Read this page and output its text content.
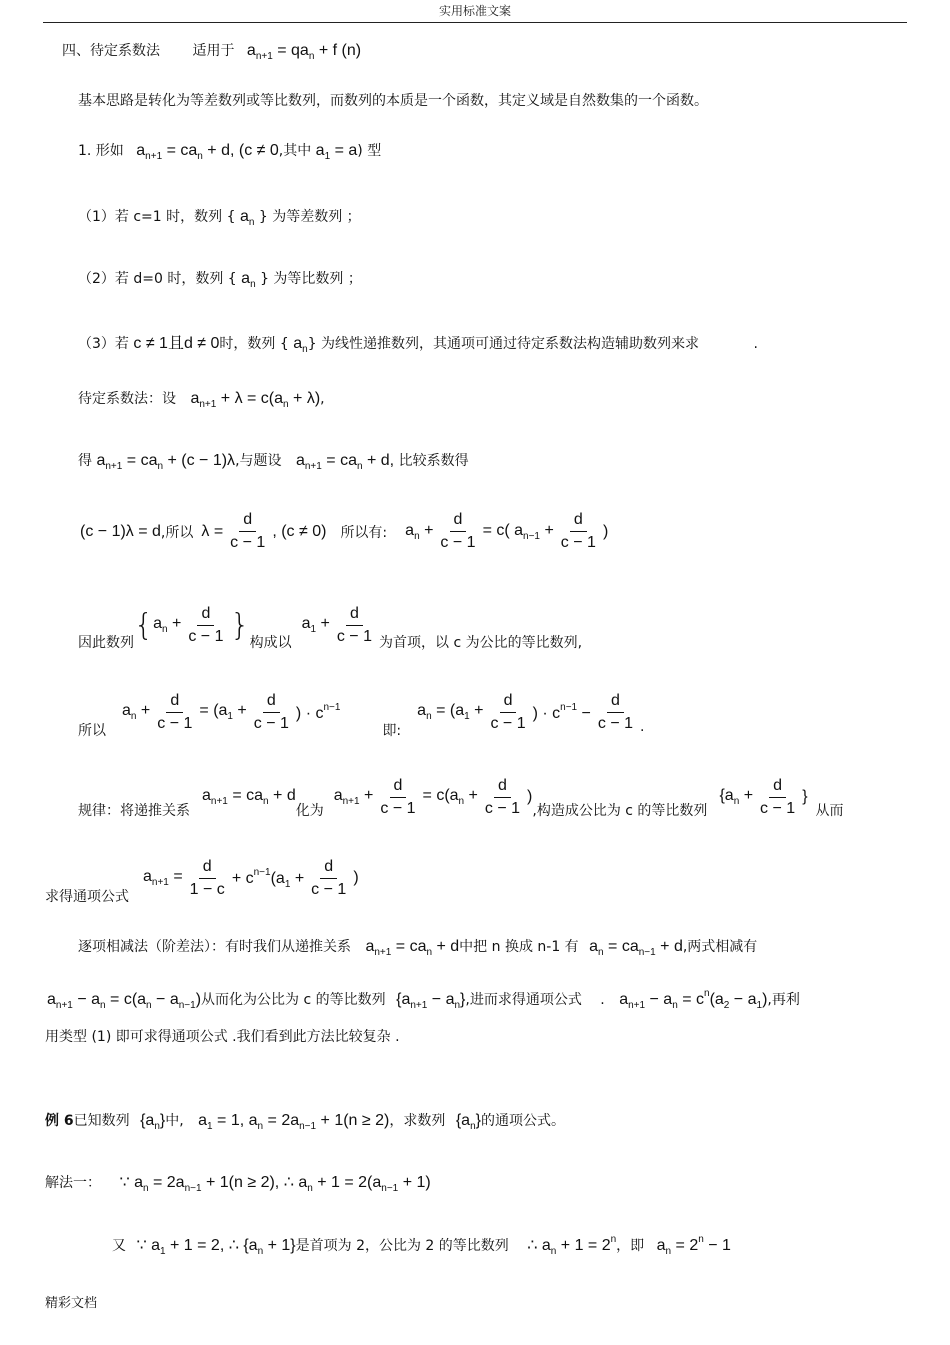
实用标准文案
四、待定系数法 适用于 $a_{n+1} = qa_n + f$ (n)
基本思路是转化为等差数列或等比数列，而数列的本质是一个函数，其定义域是自然数集的一个函数。
1. 形如 $a_{n+1} = ca_n + d$, (c ≠ 0,其中 $a_1 = a$) 型
（1）若 c=1 时，数列 { $a_n$ } 为等差数列 ；
（2）若 d=0 时，数列 { $a_n$ } 为等比数列 ；
（3）若 c ≠ 1且d ≠ 0时，数列 { $a_n$} 为线性递推数列，其通项可通过待定系数法构造辅助数列来求	.
待定系数法：设 $a_{n+1} + \lambda = c(a_n + \lambda)$,
得 $a_{n+1} = ca_n + (c - 1)\lambda$,与题设 $a_{n+1} = ca_n + d$, 比较系数得
(c − 1)λ = d ,所以 $\lambda = \frac{d}{c - 1}$ , (c ≠ 0) 所以有: $a_n + \frac{d}{c - 1} = c$( $a_{n-1} + \frac{d}{c - 1}$ )
因此数列
{ $a_n + \frac{d}{c - 1}$ }
构成以
$a_1 + \frac{d}{c - 1}$ 为首项，以 c 为公比的等比数列,
所以
$a_n + \frac{d}{c - 1} = (a_1 + \frac{d}{c - 1}$ ) · $c^{n-1}$
即:
$a_n = (a_1 + \frac{d}{c - 1}$ ) · $c^{n-1} - \frac{d}{c - 1}$ .
规律：将递推关系
$a_{n+1} = ca_n + d$
化为
$a_{n+1} + \frac{d}{c - 1} = c(a_n + \frac{d}{c - 1}$ )
,构造成公比为 c 的等比数列
{$a_n + \frac{d}{c - 1}$ }
从而
求得通项公式
$a_{n+1} = \frac{d}{1 - c} + c^{n-1}(a_1 + \frac{d}{c - 1}$ )
逐项相减法（阶差法）：有时我们从递推关系 $a_{n+1} = ca_n + d$中把 n 换成 n-1 有 $a_n = ca_{n-1} + d$,两式相减有
$a_{n+1} - a_n = c(a_n - a_{n-1})$从而化为公比为 c 的等比数列 $\{a_{n+1} - a_n\}$,进而求得通项公式 . $a_{n+1} - a_n = c^n(a_2 - a_1)$,再利
用类型 (1) 即可求得通项公式 .我们看到此方法比较复杂 .
例 6已知数列 $\{a_n\}$中, $a_1 = 1$, $a_n = 2a_{n-1} + 1(n \ge 2)$，求数列 $\{a_n\}$的通项公式。
解法一： ∵ $a_n = 2a_{n-1} + 1(n \ge 2)$, ∴ $a_n + 1 = 2(a_{n-1} + 1)$
又 ∵ $a_1 + 1 = 2$, ∴ $\{a_n + 1\}$是首项为 2，公比为 2 的等比数列 ∴ $a_n + 1 = 2^n$，即 $a_n = 2^n - 1$
精彩文档
